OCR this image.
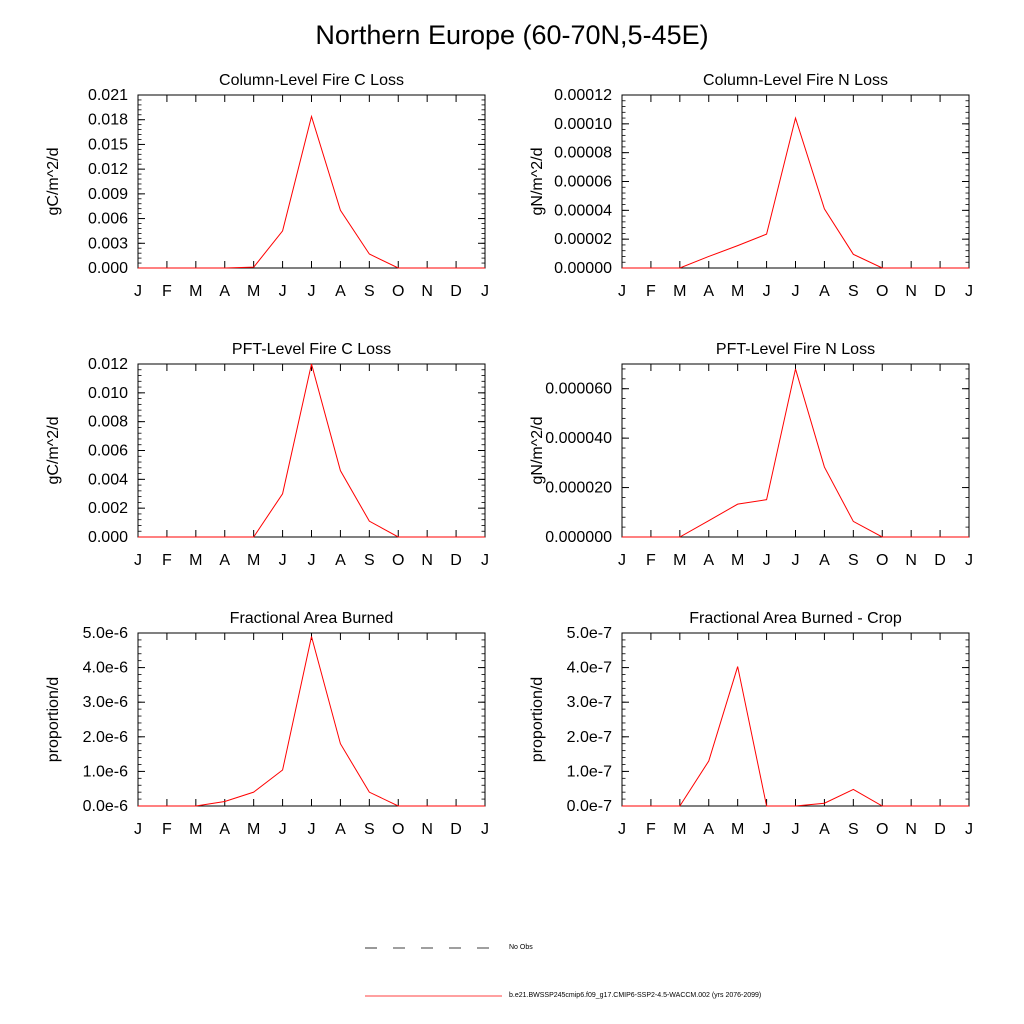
Northern Europe (60-70N,5-45E)
Column-Level Fire C Loss
gC/m^2/d
0.000
0.003
0.006
0.009
0.012
0.015
0.018
0.021
J F M A M J J A S O N D J
Column-Level Fire N Loss
gN/m^2/d
0.00000
0.00002
0.00004
0.00006
0.00008
0.00010
0.00012
J F M A M J J A S O N D J
PFT-Level Fire C Loss
gC/m^2/d
0.000
0.002
0.004
0.006
0.008
0.010
0.012
J F M A M J J A S O N D J
PFT-Level Fire N Loss
gN/m^2/d
0.000000
0.000020
0.000040
0.000060
J F M A M J J A S O N D J
Fractional Area Burned
proportion/d
0.0e-6
1.0e-6
2.0e-6
3.0e-6
4.0e-6
5.0e-6
J F M A M J J A S O N D J
Fractional Area Burned - Crop
proportion/d
0.0e-7
1.0e-7
2.0e-7
3.0e-7
4.0e-7
5.0e-7
J F M A M J J A S O N D J
No Obs
b.e21.BWSSP245cmip6.f09_g17.CMIP6-SSP2-4.5-WACCM.002 (yrs 2076-2099)
